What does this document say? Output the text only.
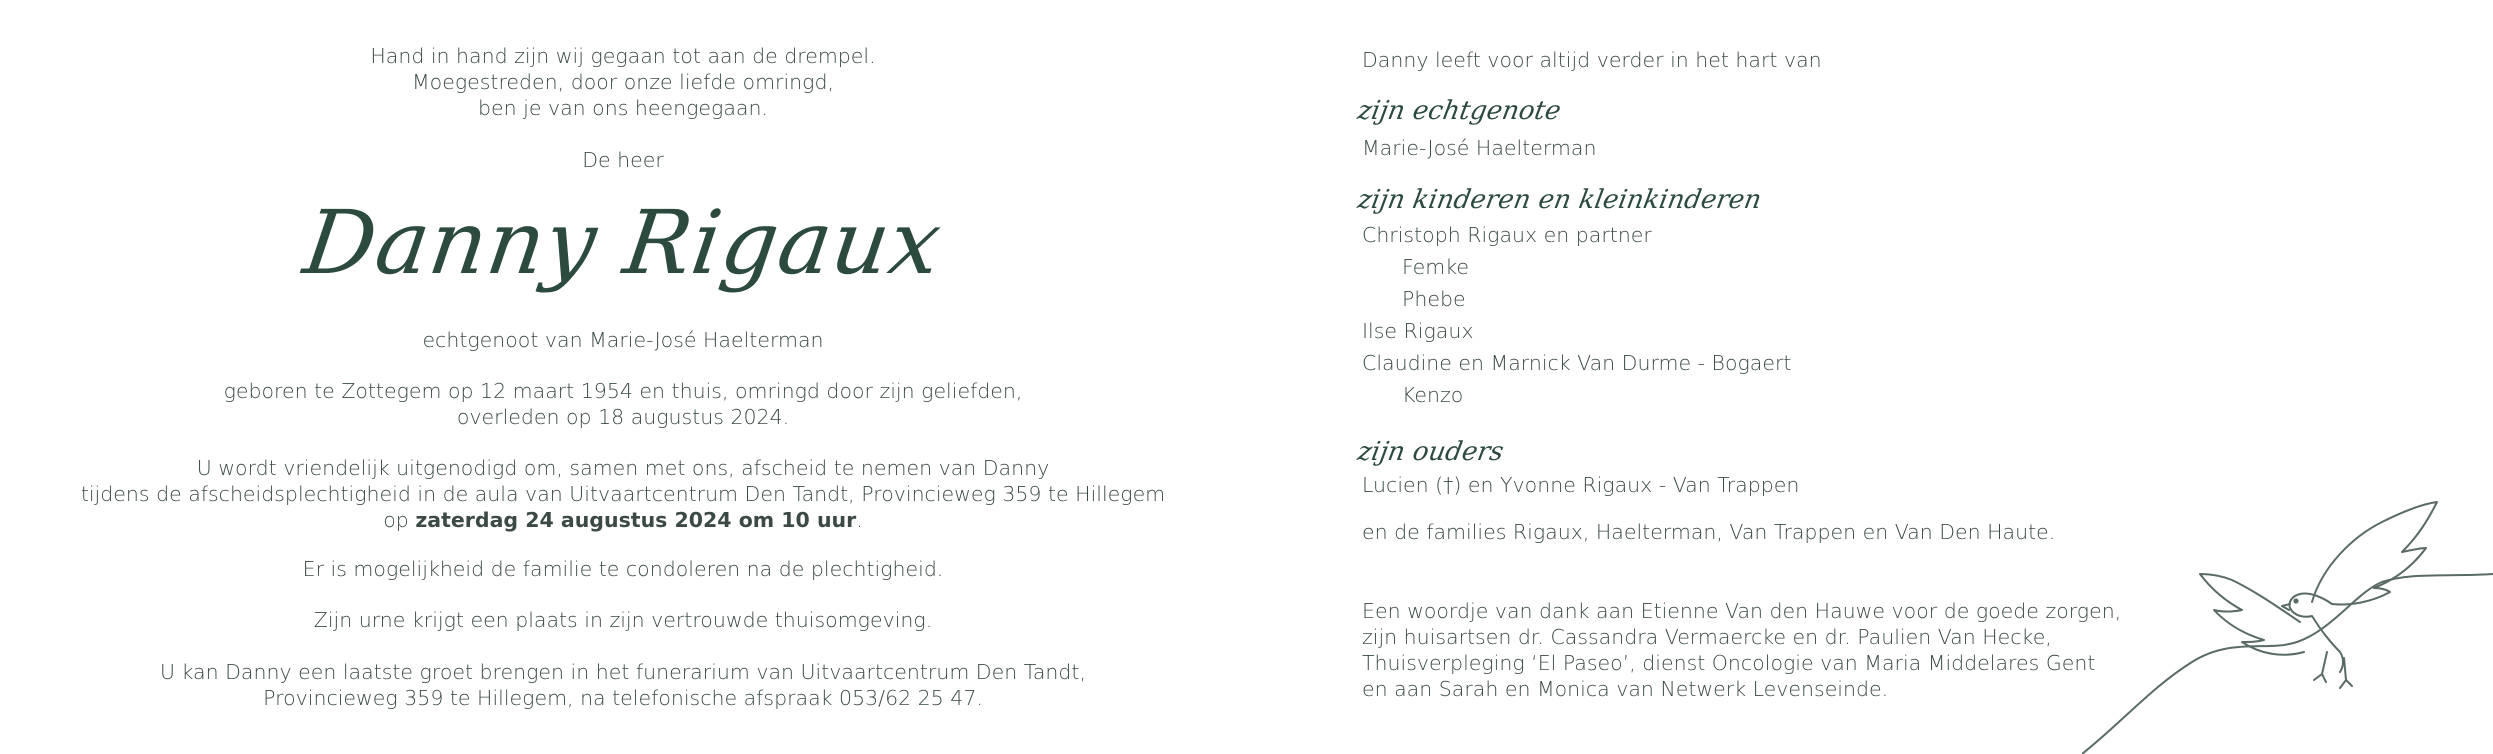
Hand in hand zijn wij gegaan tot aan de drempel.
Moegestreden, door onze liefde omringd,
ben je van ons heengegaan.
De heer
Danny Rigaux
echtgenoot van Marie-José Haelterman
geboren te Zottegem op 12 maart 1954 en thuis, omringd door zijn geliefden,
overleden op 18 augustus 2024.
U wordt vriendelijk uitgenodigd om, samen met ons, afscheid te nemen van Danny
tijdens de afscheidsplechtigheid in de aula van Uitvaartcentrum Den Tandt, Provincieweg 359 te Hillegem
op zaterdag 24 augustus 2024 om 10 uur.
Er is mogelijkheid de familie te condoleren na de plechtigheid.
Zijn urne krijgt een plaats in zijn vertrouwde thuisomgeving.
U kan Danny een laatste groet brengen in het funerarium van Uitvaartcentrum Den Tandt,
Provincieweg 359 te Hillegem, na telefonische afspraak 053/62 25 47.
Danny leeft voor altijd verder in het hart van
zijn echtgenote
Marie-José Haelterman
zijn kinderen en kleinkinderen
Christoph Rigaux en partner
Femke
Phebe
Ilse Rigaux
Claudine en Marnick Van Durme - Bogaert
Kenzo
zijn ouders
Lucien (†) en Yvonne Rigaux - Van Trappen
en de families Rigaux, Haelterman, Van Trappen en Van Den Haute.
Een woordje van dank aan Etienne Van den Hauwe voor de goede zorgen,
zijn huisartsen dr. Cassandra Vermaercke en dr. Paulien Van Hecke,
Thuisverpleging ‘El Paseo’, dienst Oncologie van Maria Middelares Gent
en aan Sarah en Monica van Netwerk Levenseinde.
